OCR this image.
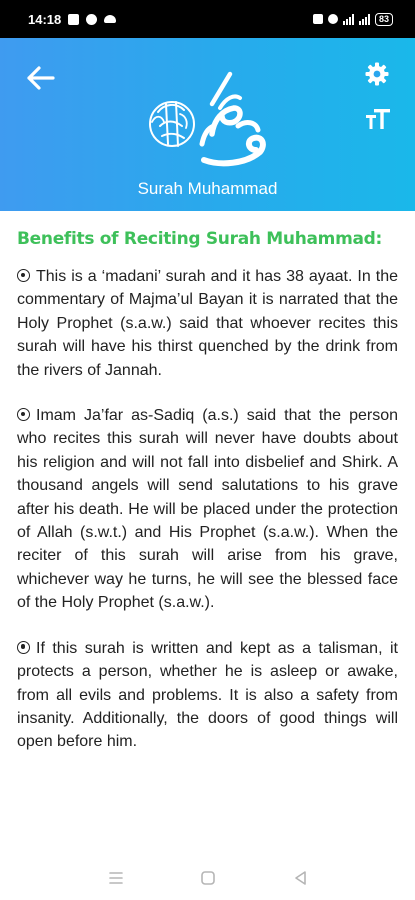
14:18	83
Surah Muhammad
Benefits of Reciting Surah Muhammad:

This is a ‘madani’ surah and it has 38 ayaat. In the commentary of Majma’ul Bayan it is narrated that the Holy Prophet (s.a.w.) said that whoever recites this surah will have his thirst quenched by the drink from the rivers of Jannah.

Imam Ja’far as-Sadiq (a.s.) said that the person who recites this surah will never have doubts about his religion and will not fall into disbelief and Shirk. A thousand angels will send salutations to his grave after his death. He will be placed under the protection of Allah (s.w.t.) and His Prophet (s.a.w.). When the reciter of this surah will arise from his grave, whichever way he turns, he will see the blessed face of the Holy Prophet (s.a.w.).

If this surah is written and kept as a talisman, it protects a person, whether he is asleep or awake, from all evils and problems. It is also a safety from insanity. Additionally, the doors of good things will open before him.
